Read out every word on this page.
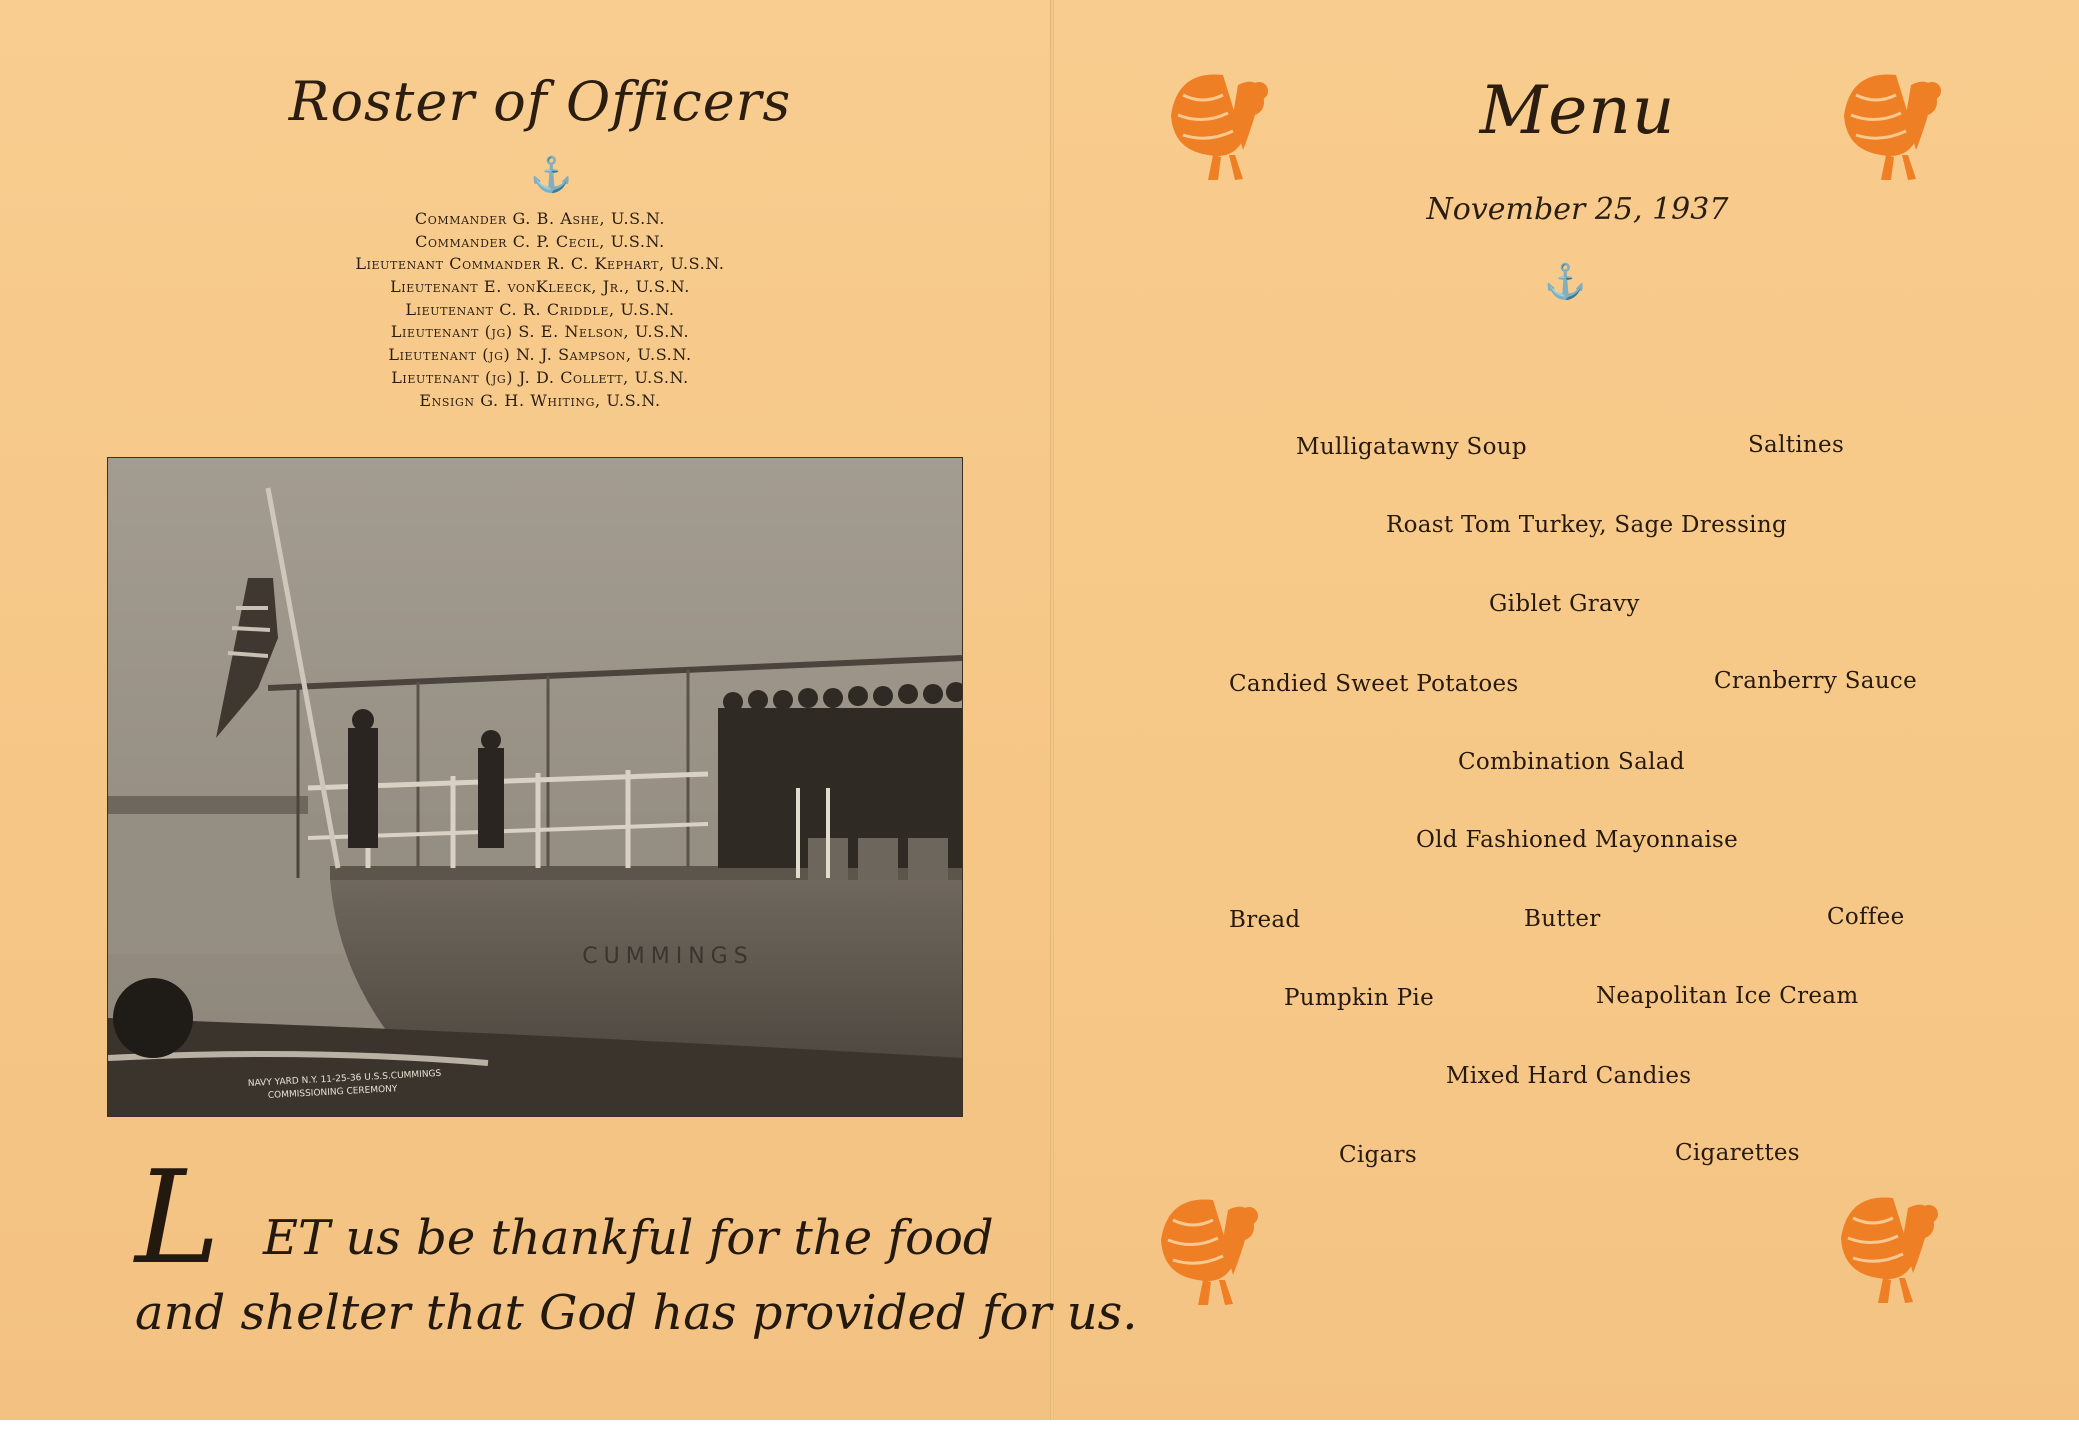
Roster of Officers
⚓
Commander G. B. Ashe, U.S.N.
Commander C. P. Cecil, U.S.N.
Lieutenant Commander R. C. Kephart, U.S.N.
Lieutenant E. vonKleeck, Jr., U.S.N.
Lieutenant C. R. Criddle, U.S.N.
Lieutenant (jg) S. E. Nelson, U.S.N.
Lieutenant (jg) N. J. Sampson, U.S.N.
Lieutenant (jg) J. D. Collett, U.S.N.
Ensign G. H. Whiting, U.S.N.
CUMMINGS
NAVY YARD N.Y. 11-25-36 U.S.S.CUMMINGS
COMMISSIONING CEREMONY
L ET us be thankful for the food
and shelter that God has provided for us.
Menu
November 25, 1937
⚓
Mulligatawny Soup	Saltines
Roast Tom Turkey, Sage Dressing
Giblet Gravy
Candied Sweet Potatoes	Cranberry Sauce
Combination Salad
Old Fashioned Mayonnaise
Bread	Butter	Coffee
Pumpkin Pie	Neapolitan Ice Cream
Mixed Hard Candies
Cigars	Cigarettes
